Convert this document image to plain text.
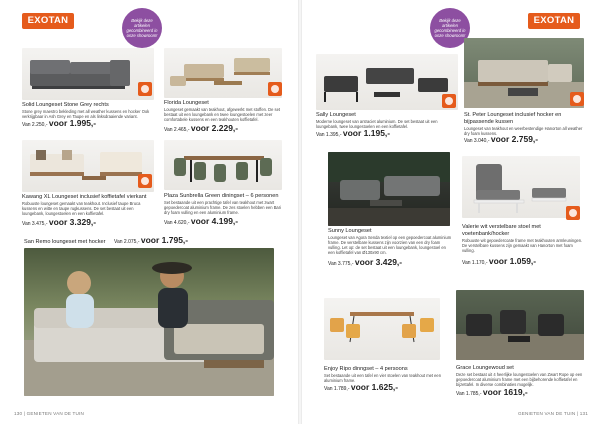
EXOTAN	Bekijk deze artikelen gecombineerd in onze showroom!
Solid Loungeset Stone Grey rechts
Stone grey maestro bekleding met all weather kussens en hocker Ook verkrijgbaar in Ash Grey en Taupe en als linksdraaiende variant.
Van 2.250,- voor 1.995,-
Florida Loungeset
Loungeset gemaakt van teakhout, afgewerkt met stoffen. De set bestaat uit een loungebank en twee loungestoelen met zeer comfortabele kussens en een teakhouten koffietafel.
Van 2.465,- voor 2.229,-
Kawang XL Loungeset inclusief koffietafel vierkant
Robuuste loungeset gemaakt van teakhout. Inclusief taupe Bruca kussens en witte en taupe rugkussens. De set bestaat uit een loungebank, loungestoelen en een koffietafel.
Van 3.475,- voor 3.329,-
Plaza Sunbrella Green diningset – 6 personen
Set bestaande uit een prachtige tafel van teakhout met zwart gepoedercoat aluminium frame. De zes stoelen hebben een Bari dry foam vulling en een aluminium frame.
Van 4.620,- voor 4.199,-
San Remo loungeset met hocker Van 2.075,- voor 1.795,-
130 | GENIETEN VAN DE TUIN
Bekijk deze artikelen gecombineerd in onze showroom!
EXOTAN
Sally Loungeset
Moderne loungeset van antraciet aluminium. De set bestaat uit een loungebank, twee loungestoelen en een koffietafel.
Van 1.395,- voor 1.195,-
St. Peter Loungeset inclusief hocker en bijpassende kussen
Loungeset van teakhout en weerbestendige Hanorton all weather dry foam kussens.
Van 3.040,- voor 2.759,-
Sunny Loungeset
Loungeset van Agora Senda textiel op een gepoedercoat aluminium frame. De verstelbare kussens zijn voorzien van een dry foam vulling. Let op: de set bestaat uit een loungebank, loungestoel en een koffietafel van Ø130x90 cm.
Van 3.775,- voor 3.429,-
Valerie wit verstelbare stoel met voetenbank/hocker
Robuuste wit gepoedercoate frame met teakhouten armleuningen. De verstelbare kussens zijn gemaakt van Hanorton met foam vulling.
Van 1.170,- voor 1.059,-
Enjoy Ripo dinngset – 4 persoons
Set bestaande uit een tafel en vier stoelen van teakhout met een aluminium frame.
Van 1.789,- voor 1.625,-
Grace Loungewoud set
Deze set bestaat uit 4 heerlijke loungestoelen van Zwart Rope op een gepoedercoat aluminium frame met een bijbehorende koffietafel en bijzettafel. In diverse combinaties mogelijk.
Van 1.785,- voor 1619,-
GENIETEN VAN DE TUIN | 131
